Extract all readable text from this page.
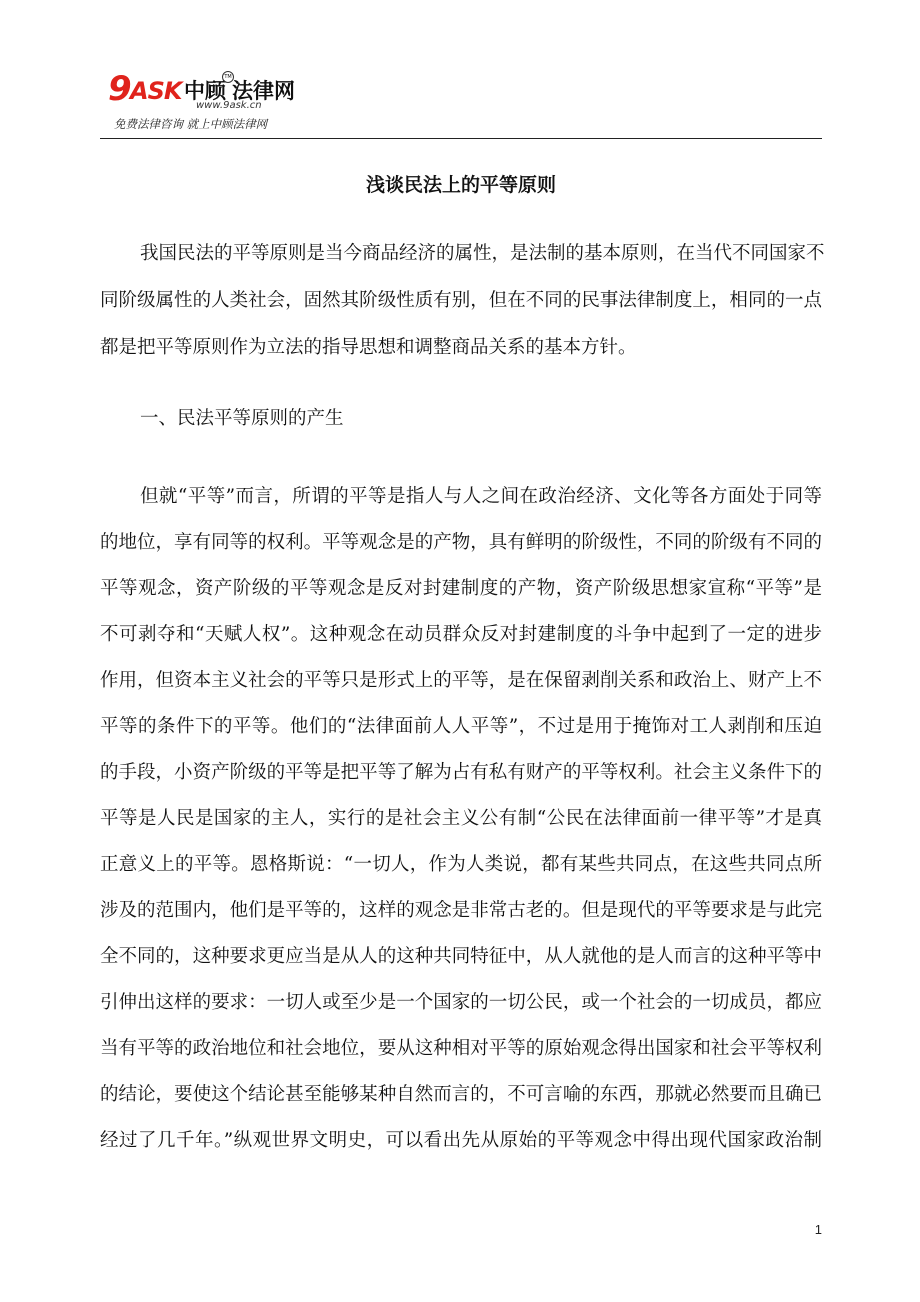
9
ASK 中顾
TM
法律网
www.9ask.cn
免费法律咨询 就上中顾法律网
浅谈民法上的平等原则
我国民法的平等原则是当今商品经济的属性，是法制的基本原则，在当代不同国家不
同阶级属性的人类社会，固然其阶级性质有别，但在不同的民事法律制度上，相同的一点
都是把平等原则作为立法的指导思想和调整商品关系的基本方针。
一、民法平等原则的产生
但就“平等”而言，所谓的平等是指人与人之间在政治经济、文化等各方面处于同等
的地位，享有同等的权利。平等观念是的产物，具有鲜明的阶级性，不同的阶级有不同的
平等观念，资产阶级的平等观念是反对封建制度的产物，资产阶级思想家宣称“平等”是
不可剥夺和“天赋人权”。这种观念在动员群众反对封建制度的斗争中起到了一定的进步
作用，但资本主义社会的平等只是形式上的平等，是在保留剥削关系和政治上、财产上不
平等的条件下的平等。他们的“法律面前人人平等”，不过是用于掩饰对工人剥削和压迫
的手段，小资产阶级的平等是把平等了解为占有私有财产的平等权利。社会主义条件下的
平等是人民是国家的主人，实行的是社会主义公有制“公民在法律面前一律平等”才是真
正意义上的平等。恩格斯说：“一切人，作为人类说，都有某些共同点，在这些共同点所
涉及的范围内，他们是平等的，这样的观念是非常古老的。但是现代的平等要求是与此完
全不同的，这种要求更应当是从人的这种共同特征中，从人就他的是人而言的这种平等中
引伸出这样的要求：一切人或至少是一个国家的一切公民，或一个社会的一切成员，都应
当有平等的政治地位和社会地位，要从这种相对平等的原始观念得出国家和社会平等权利
的结论，要使这个结论甚至能够某种自然而言的，不可言喻的东西，那就必然要而且确已
经过了几千年。”纵观世界文明史，可以看出先从原始的平等观念中得出现代国家政治制
1
